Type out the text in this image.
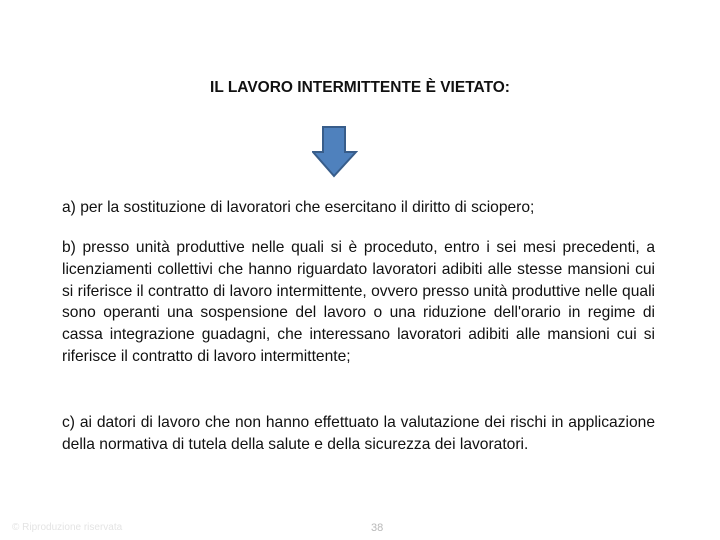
IL LAVORO INTERMITTENTE È VIETATO:
a) per la sostituzione di lavoratori che esercitano il diritto di sciopero;
b) presso unità produttive nelle quali si è proceduto, entro i sei mesi precedenti, a licenziamenti collettivi che hanno riguardato lavoratori adibiti alle stesse mansioni cui si riferisce il contratto di lavoro intermittente, ovvero presso unità produttive nelle quali sono operanti una sospensione del lavoro o una riduzione dell'orario in regime di cassa integrazione guadagni, che interessano lavoratori adibiti alle mansioni cui si riferisce il contratto di lavoro intermittente;
c) ai datori di lavoro che non hanno effettuato la valutazione dei rischi in applicazione della normativa di tutela della salute e della sicurezza dei lavoratori.
© Riproduzione riservata	38
